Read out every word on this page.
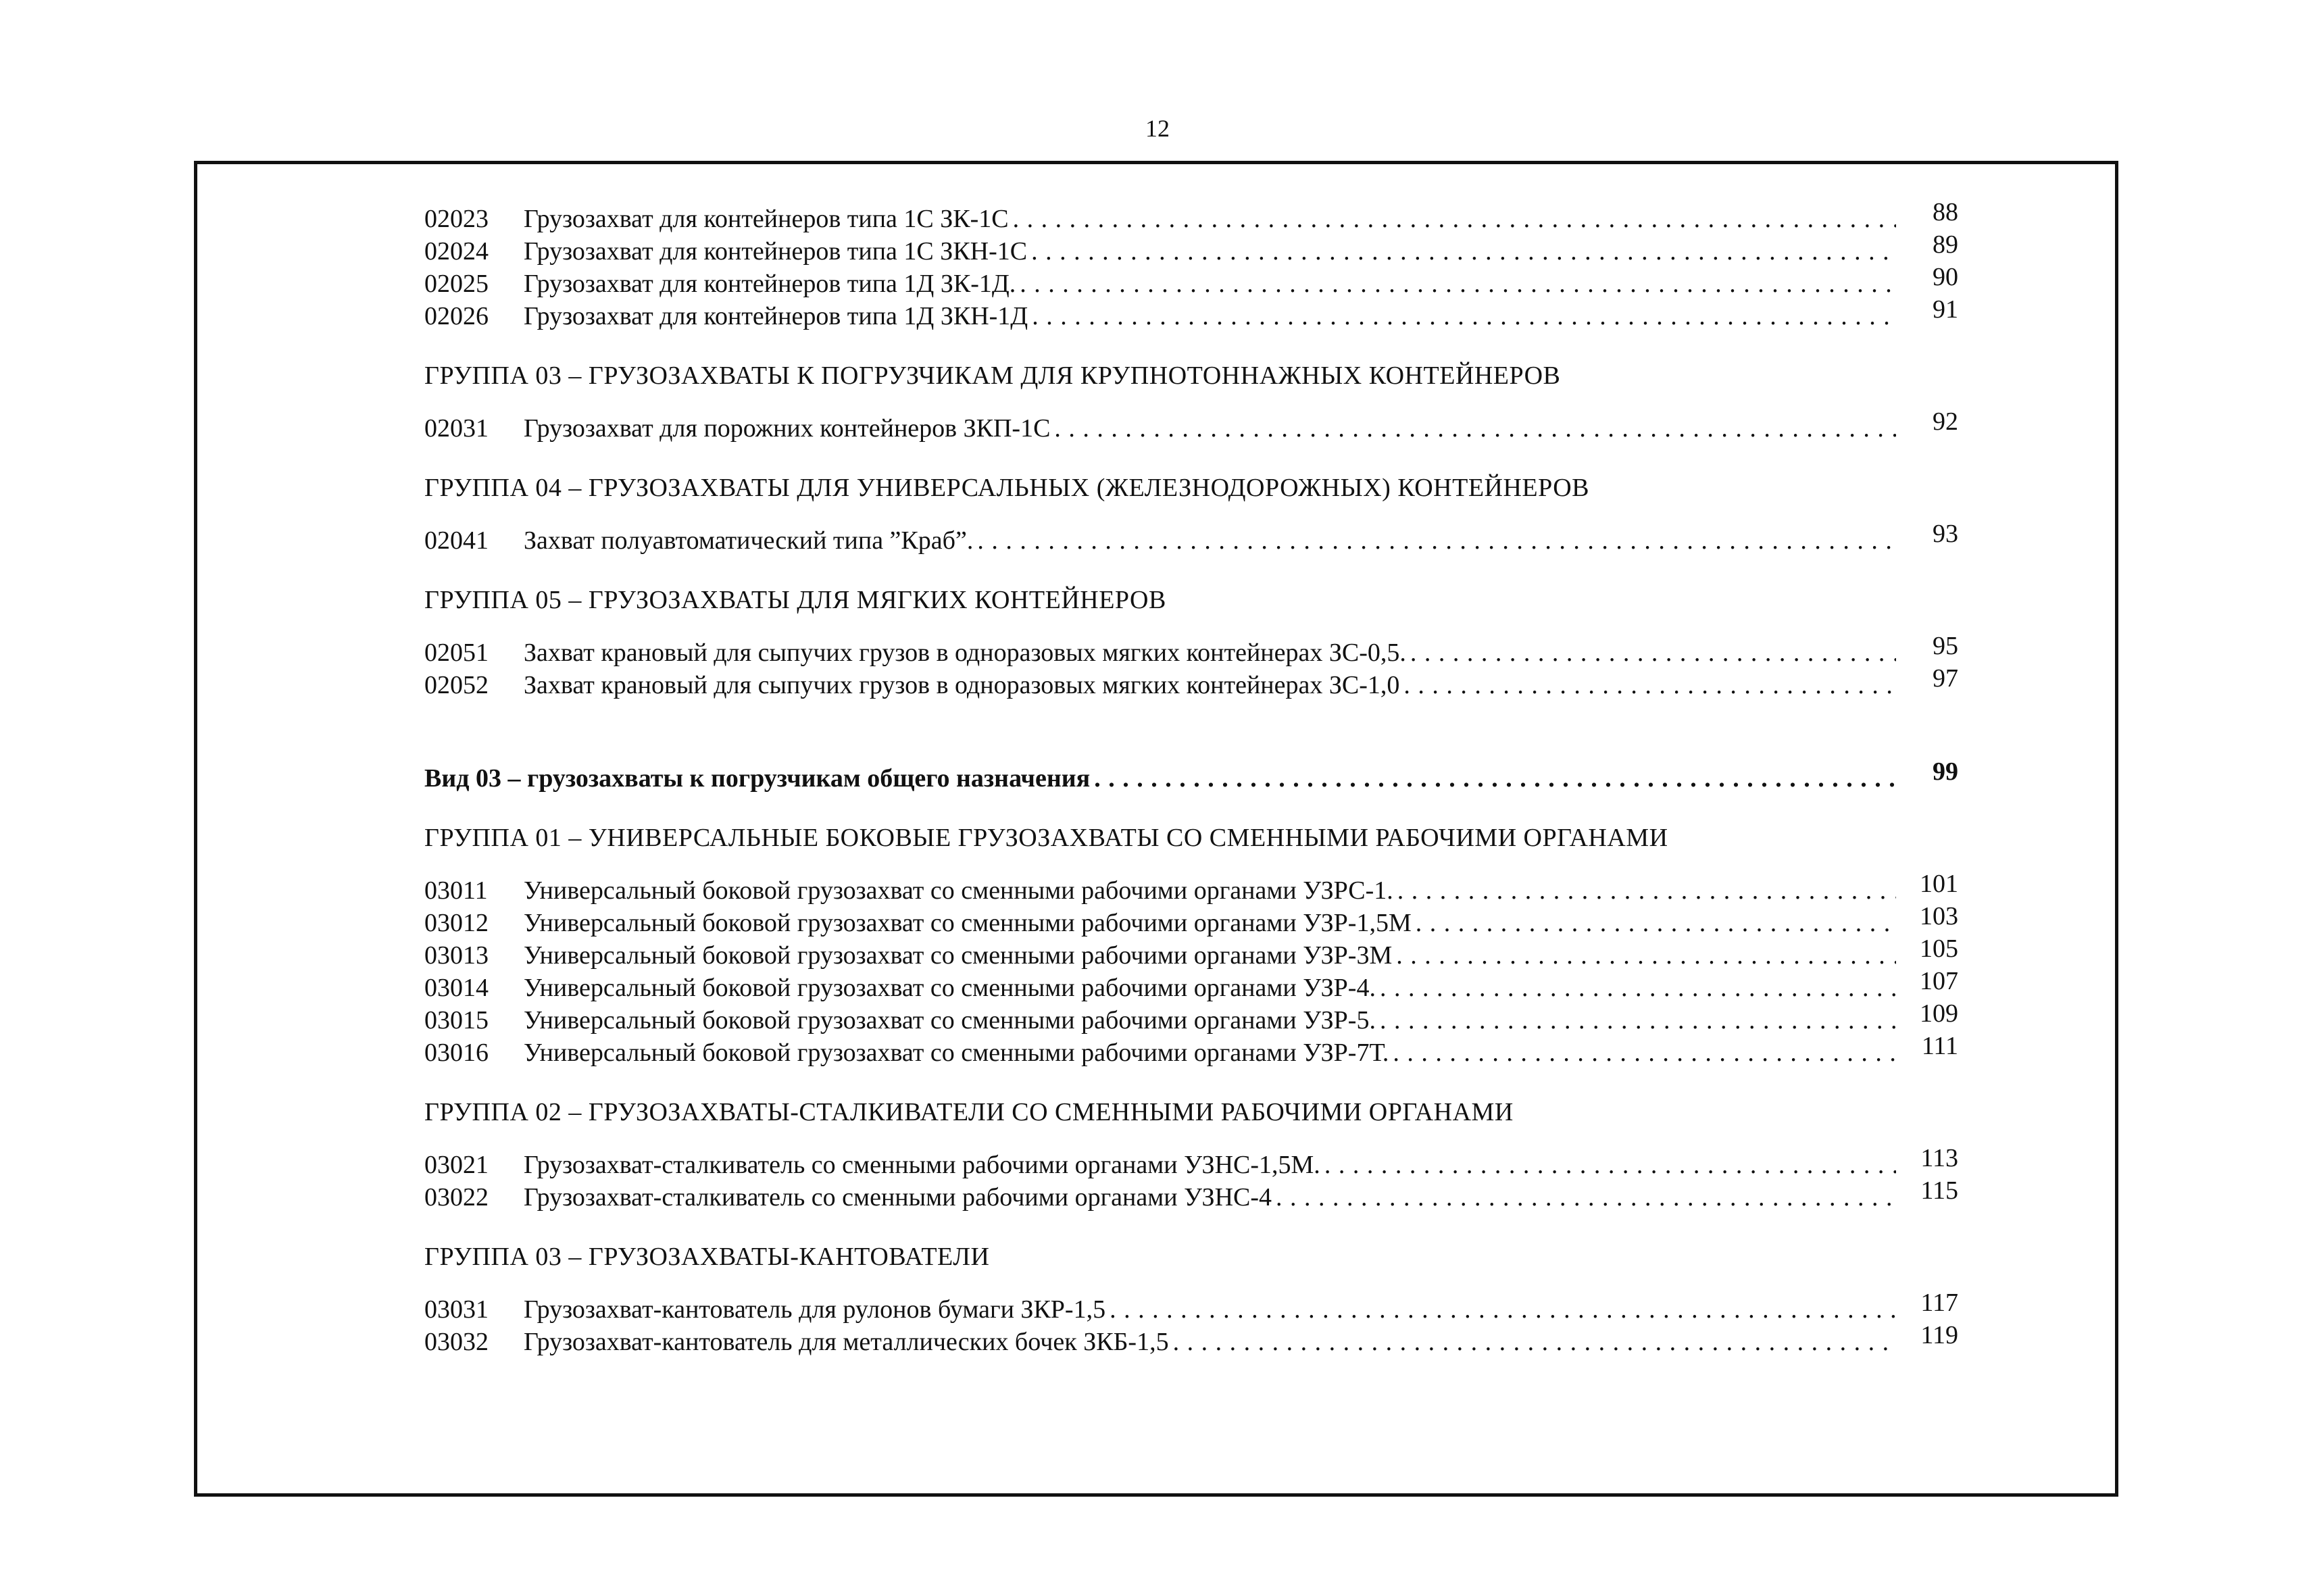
12
02023	Грузозахват для контейнеров типа 1С ЗК-1С . . .	88
02024	Грузозахват для контейнеров типа 1С ЗКН-1С . . .	89
02025	Грузозахват для контейнеров типа 1Д ЗК-1Д. . . .	90
02026	Грузозахват для контейнеров типа 1Д ЗКН-1Д . . .	91
ГРУППА 03 – ГРУЗОЗАХВАТЫ К ПОГРУЗЧИКАМ ДЛЯ КРУПНОТОННАЖНЫХ КОНТЕЙНЕРОВ
02031	Грузозахват для порожних контейнеров ЗКП-1С . . .	92
ГРУППА 04 – ГРУЗОЗАХВАТЫ ДЛЯ УНИВЕРСАЛЬНЫХ (ЖЕЛЕЗНОДОРОЖНЫХ) КОНТЕЙНЕРОВ
02041	Захват полуавтоматический типа ”Краб”. . . .	93
ГРУППА 05 – ГРУЗОЗАХВАТЫ ДЛЯ МЯГКИХ КОНТЕЙНЕРОВ
02051	Захват крановый для сыпучих грузов в одноразовых мягких контейнерах ЗС-0,5. . . .	95
02052	Захват крановый для сыпучих грузов в одноразовых мягких контейнерах ЗС-1,0 . . .	97
Вид 03 – грузозахваты к погрузчикам общего назначения . . .	99
ГРУППА 01 – УНИВЕРСАЛЬНЫЕ БОКОВЫЕ ГРУЗОЗАХВАТЫ СО СМЕННЫМИ РАБОЧИМИ ОРГАНАМИ
03011	Универсальный боковой грузозахват со сменными рабочими органами УЗРС-1. . . .	101
03012	Универсальный боковой грузозахват со сменными рабочими органами УЗР-1,5М . . .	103
03013	Универсальный боковой грузозахват со сменными рабочими органами УЗР-3М . . .	105
03014	Универсальный боковой грузозахват со сменными рабочими органами УЗР-4. . . .	107
03015	Универсальный боковой грузозахват со сменными рабочими органами УЗР-5. . . .	109
03016	Универсальный боковой грузозахват со сменными рабочими органами УЗР-7Т. . . .	111
ГРУППА 02 – ГРУЗОЗАХВАТЫ-СТАЛКИВАТЕЛИ СО СМЕННЫМИ РАБОЧИМИ ОРГАНАМИ
03021	Грузозахват-сталкиватель со сменными рабочими органами УЗНС-1,5М. . . .	113
03022	Грузозахват-сталкиватель со сменными рабочими органами УЗНС-4 . . .	115
ГРУППА 03 – ГРУЗОЗАХВАТЫ-КАНТОВАТЕЛИ
03031	Грузозахват-кантователь для рулонов бумаги ЗКР-1,5 . . .	117
03032	Грузозахват-кантователь для металлических бочек ЗКБ-1,5 . . .	119
